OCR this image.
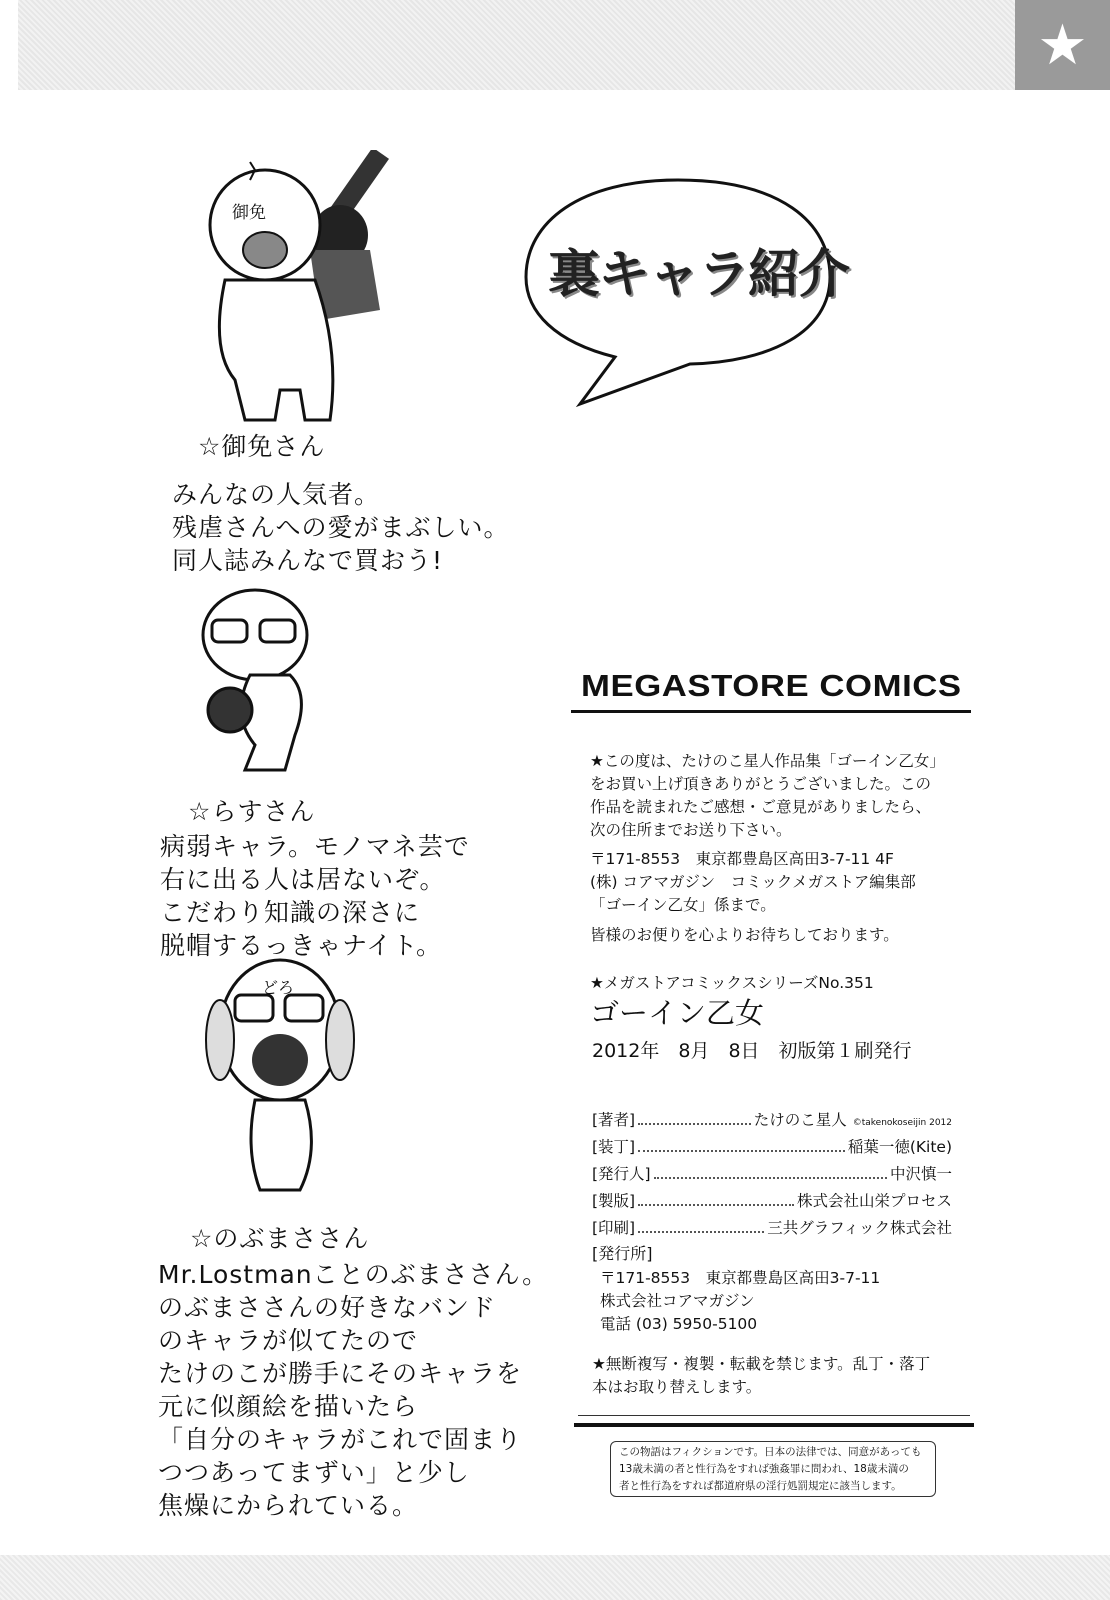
★
裏キャラ紹介
御免
☆御免さん
みんなの人気者。
残虐さんへの愛がまぶしい。
同人誌みんなで買おう!
☆らすさん
病弱キャラ。モノマネ芸で
右に出る人は居ないぞ。
こだわり知識の深さに
脱帽するっきゃナイト。
どろ
☆のぶまささん
Mr.Lostmanことのぶまささん。
のぶまささんの好きなバンド
のキャラが似てたので
たけのこが勝手にそのキャラを
元に似顔絵を描いたら
「自分のキャラがこれで固まり
つつあってまずい」と少し
焦燥にかられている。
MEGASTORE COMICS
★この度は、たけのこ星人作品集「ゴーイン乙女」
をお買い上げ頂きありがとうございました。この
作品を読まれたご感想・ご意見がありましたら、
次の住所までお送り下さい。
〒171-8553　東京都豊島区高田3-7-11 4F
(株) コアマガジン　コミックメガストア編集部
「ゴーイン乙女」係まで。
皆様のお便りを心よりお待ちしております。
★メガストアコミックスシリーズNo.351
ゴーイン乙女
2012年　8月　8日　初版第１刷発行
[著者]	たけのこ星人 ©takenokoseijin 2012
[装丁]	稲葉一徳(Kite)
[発行人]	中沢慎一
[製版]	株式会社山栄プロセス
[印刷]	三共グラフィック株式会社
[発行所]
〒171-8553　東京都豊島区高田3-7-11
株式会社コアマガジン
電話 (03) 5950-5100
★無断複写・複製・転載を禁じます。乱丁・落丁
本はお取り替えします。
この物語はフィクションです。日本の法律では、同意があっても
13歳未満の者と性行為をすれば強姦罪に問われ、18歳未満の
者と性行為をすれば都道府県の淫行処罰規定に該当します。
